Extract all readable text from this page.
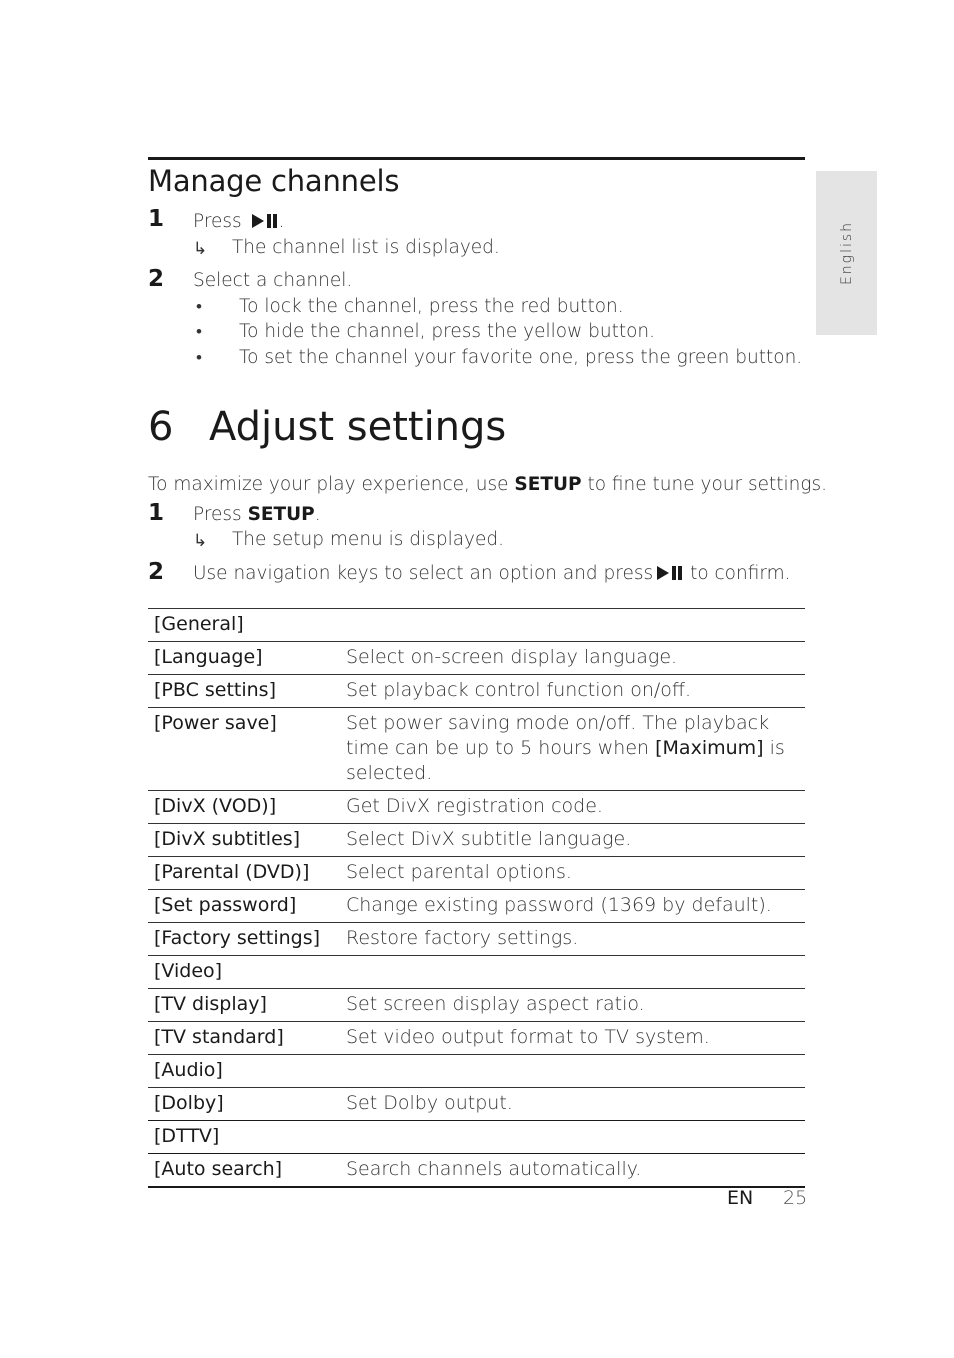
English
Manage channels
1 Press .
↳ The channel list is displayed.
2 Select a channel.
• To lock the channel, press the red button.
• To hide the channel, press the yellow button.
• To set the channel your favorite one, press the green button.
6 Adjust settings
To maximize your play experience, use SETUP to fine tune your settings.
1 Press SETUP.
↳ The setup menu is displayed.
2 Use navigation keys to select an option and press to confirm.
[General]	
[Language]	Select on-screen display language.
[PBC settins]	Set playback control function on/off.
[Power save]	Set power saving mode on/off. The playback time can be up to 5 hours when [Maximum] is selected.
[DivX (VOD)]	Get DivX registration code.
[DivX subtitles]	Select DivX subtitle language.
[Parental (DVD)]	Select parental options.
[Set password]	Change existing password (1369 by default).
[Factory settings]	Restore factory settings.
[Video]	
[TV display]	Set screen display aspect ratio.
[TV standard]	Set video output format to TV system.
[Audio]	
[Dolby]	Set Dolby output.
[DTTV]	
[Auto search]	Search channels automatically.
EN 25
